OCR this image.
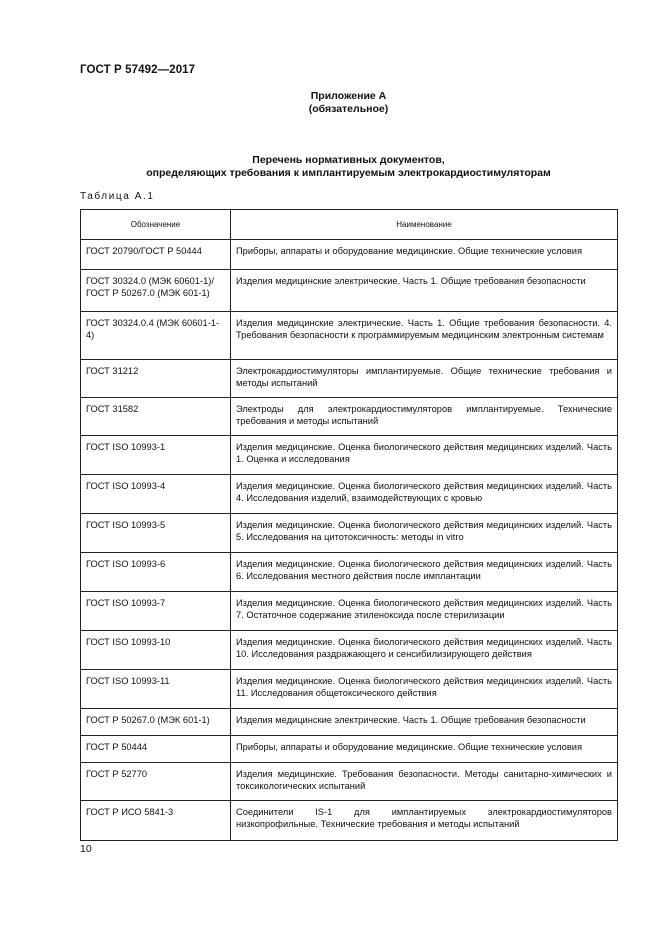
ГОСТ Р 57492—2017
Приложение А
(обязательное)
Перечень нормативных документов,
определяющих требования к имплантируемым электрокардиостимуляторам
Таблица А.1
Обозначение	Наименование
ГОСТ 20790/ГОСТ Р 50444	Приборы, аппараты и оборудование медицинские. Общие технические условия
ГОСТ 30324.0 (МЭК 60601-1)/ ГОСТ Р 50267.0 (МЭК 601-1)	Изделия медицинские электрические. Часть 1. Общие требования безопасности
ГОСТ 30324.0.4 (МЭК 60601-1-4)	Изделия медицинские электрические. Часть 1. Общие требования безопасности. 4. Требования безопасности к программируемым медицинским электронным системам
ГОСТ 31212	Электрокардиостимуляторы имплантируемые. Общие технические требования и методы испытаний
ГОСТ 31582	Электроды для электрокардиостимуляторов имплантируемые. Технические требования и методы испытаний
ГОСТ ISO 10993-1	Изделия медицинские. Оценка биологического действия медицинских изделий. Часть 1. Оценка и исследования
ГОСТ ISO 10993-4	Изделия медицинские. Оценка биологического действия медицинских изделий. Часть 4. Исследования изделий, взаимодействующих с кровью
ГОСТ ISO 10993-5	Изделия медицинские. Оценка биологического действия медицинских изделий. Часть 5. Исследования на цитотоксичность: методы in vitro
ГОСТ ISO 10993-6	Изделия медицинские. Оценка биологического действия медицинских изделий. Часть 6. Исследования местного действия после имплантации
ГОСТ ISO 10993-7	Изделия медицинские. Оценка биологического действия медицинских изделий. Часть 7. Остаточное содержание этиленоксида после стерилизации
ГОСТ ISO 10993-10	Изделия медицинские. Оценка биологического действия медицинских изделий. Часть 10. Исследования раздражающего и сенсибилизирующего действия
ГОСТ ISO 10993-11	Изделия медицинские. Оценка биологического действия медицинских изделий. Часть 11. Исследования общетоксического действия
ГОСТ Р 50267.0 (МЭК 601-1)	Изделия медицинские электрические. Часть 1. Общие требования безопасности
ГОСТ Р 50444	Приборы, аппараты и оборудование медицинские. Общие технические условия
ГОСТ Р 52770	Изделия медицинские. Требования безопасности. Методы санитарно-химических и токсикологических испытаний
ГОСТ Р ИСО 5841-3	Соединители IS-1 для имплантируемых электрокардиостимуляторов низкопрофильные. Технические требования и методы испытаний
10
